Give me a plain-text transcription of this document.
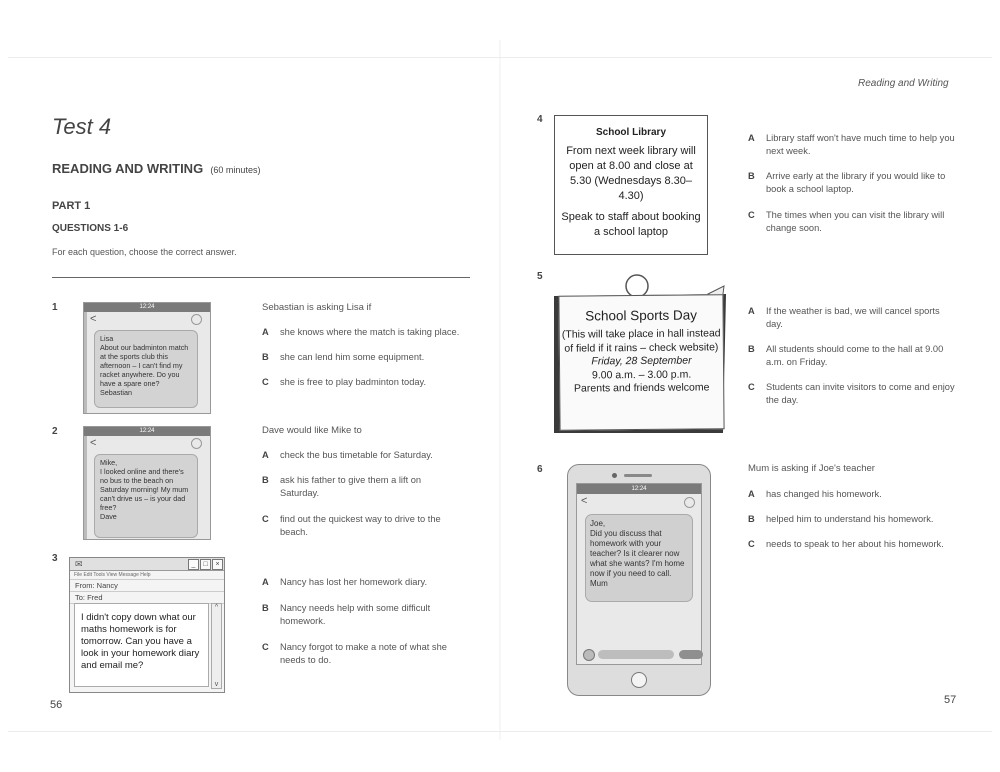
Test 4
READING AND WRITING (60 minutes)
PART 1
QUESTIONS 1-6
For each question, choose the correct answer.
1	12:24
<
Lisa
About our badminton match at the sports club this afternoon – I can't find my racket anywhere. Do you have a spare one?
Sebastian
Sebastian is asking Lisa if
A she knows where the match is taking place.
B she can lend him some equipment.
C she is free to play badminton today.
2	12:24
<
Mike,
I looked online and there's no bus to the beach on Saturday morning! My mum can't drive us – is your dad free?
Dave
Dave would like Mike to
A check the bus timetable for Saturday.
B ask his father to give them a lift on Saturday.
C find out the quickest way to drive to the beach.
3 ✉	_	□	×
File Edit Tools View Message Help
From: Nancy
To: Fred
I didn't copy down what our maths homework is for tomorrow. Can you have a look in your homework diary and email me?
^
v
A Nancy has lost her homework diary.
B Nancy needs help with some difficult homework.
C Nancy forgot to make a note of what she needs to do.
56
Reading and Writing
4
School Library
From next week library will open at 8.00 and close at 5.30 (Wednesdays 8.30–4.30)
Speak to staff about booking a school laptop
A Library staff won't have much time to help you next week.
B Arrive early at the library if you would like to book a school laptop.
C The times when you can visit the library will change soon.
5
School Sports Day
(This will take place in hall instead of field if it rains – check website)
Friday, 28 September
9.00 a.m. – 3.00 p.m.
Parents and friends welcome
A If the weather is bad, we will cancel sports day.
B All students should come to the hall at 9.00 a.m. on Friday.
C Students can invite visitors to come and enjoy the day.
6
12:24
<
Joe,
Did you discuss that homework with your teacher? Is it clearer now what she wants? I'm home now if you need to call.
Mum
Mum is asking if Joe's teacher
A has changed his homework.
B helped him to understand his homework.
C needs to speak to her about his homework.
57
